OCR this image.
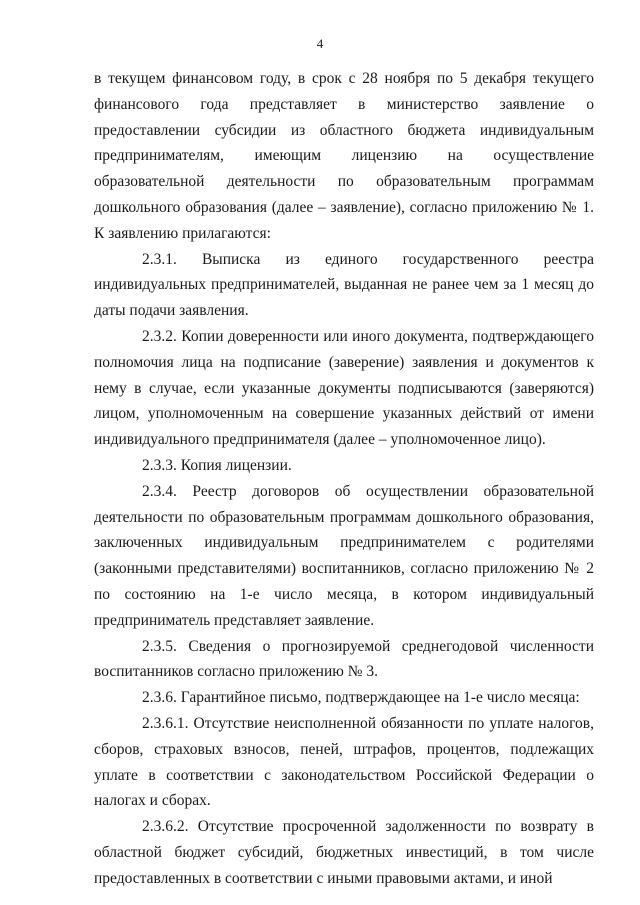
4

в текущем финансовом году, в срок с 28 ноября по 5 декабря текущего финансового года представляет в министерство заявление о предоставлении субсидии из областного бюджета индивидуальным предпринимателям, имеющим лицензию на осуществление образовательной деятельности по образовательным программам дошкольного образования (далее – заявление), согласно приложению № 1. К заявлению прилагаются:

2.3.1. Выписка из единого государственного реестра индивидуальных предпринимателей, выданная не ранее чем за 1 месяц до даты подачи заявления.

2.3.2. Копии доверенности или иного документа, подтверждающего полномочия лица на подписание (заверение) заявления и документов к нему в случае, если указанные документы подписываются (заверяются) лицом, уполномоченным на совершение указанных действий от имени индивидуального предпринимателя (далее – уполномоченное лицо).

2.3.3. Копия лицензии.

2.3.4. Реестр договоров об осуществлении образовательной деятельности по образовательным программам дошкольного образования, заключенных индивидуальным предпринимателем с родителями (законными представителями) воспитанников, согласно приложению № 2 по состоянию на 1-е число месяца, в котором индивидуальный предприниматель представляет заявление.

2.3.5. Сведения о прогнозируемой среднегодовой численности воспитанников согласно приложению № 3.

2.3.6. Гарантийное письмо, подтверждающее на 1-е число месяца:

2.3.6.1. Отсутствие неисполненной обязанности по уплате налогов, сборов, страховых взносов, пеней, штрафов, процентов, подлежащих уплате в соответствии с законодательством Российской Федерации о налогах и сборах.

2.3.6.2. Отсутствие просроченной задолженности по возврату в областной бюджет субсидий, бюджетных инвестиций, в том числе предоставленных в соответствии с иными правовыми актами, и иной
